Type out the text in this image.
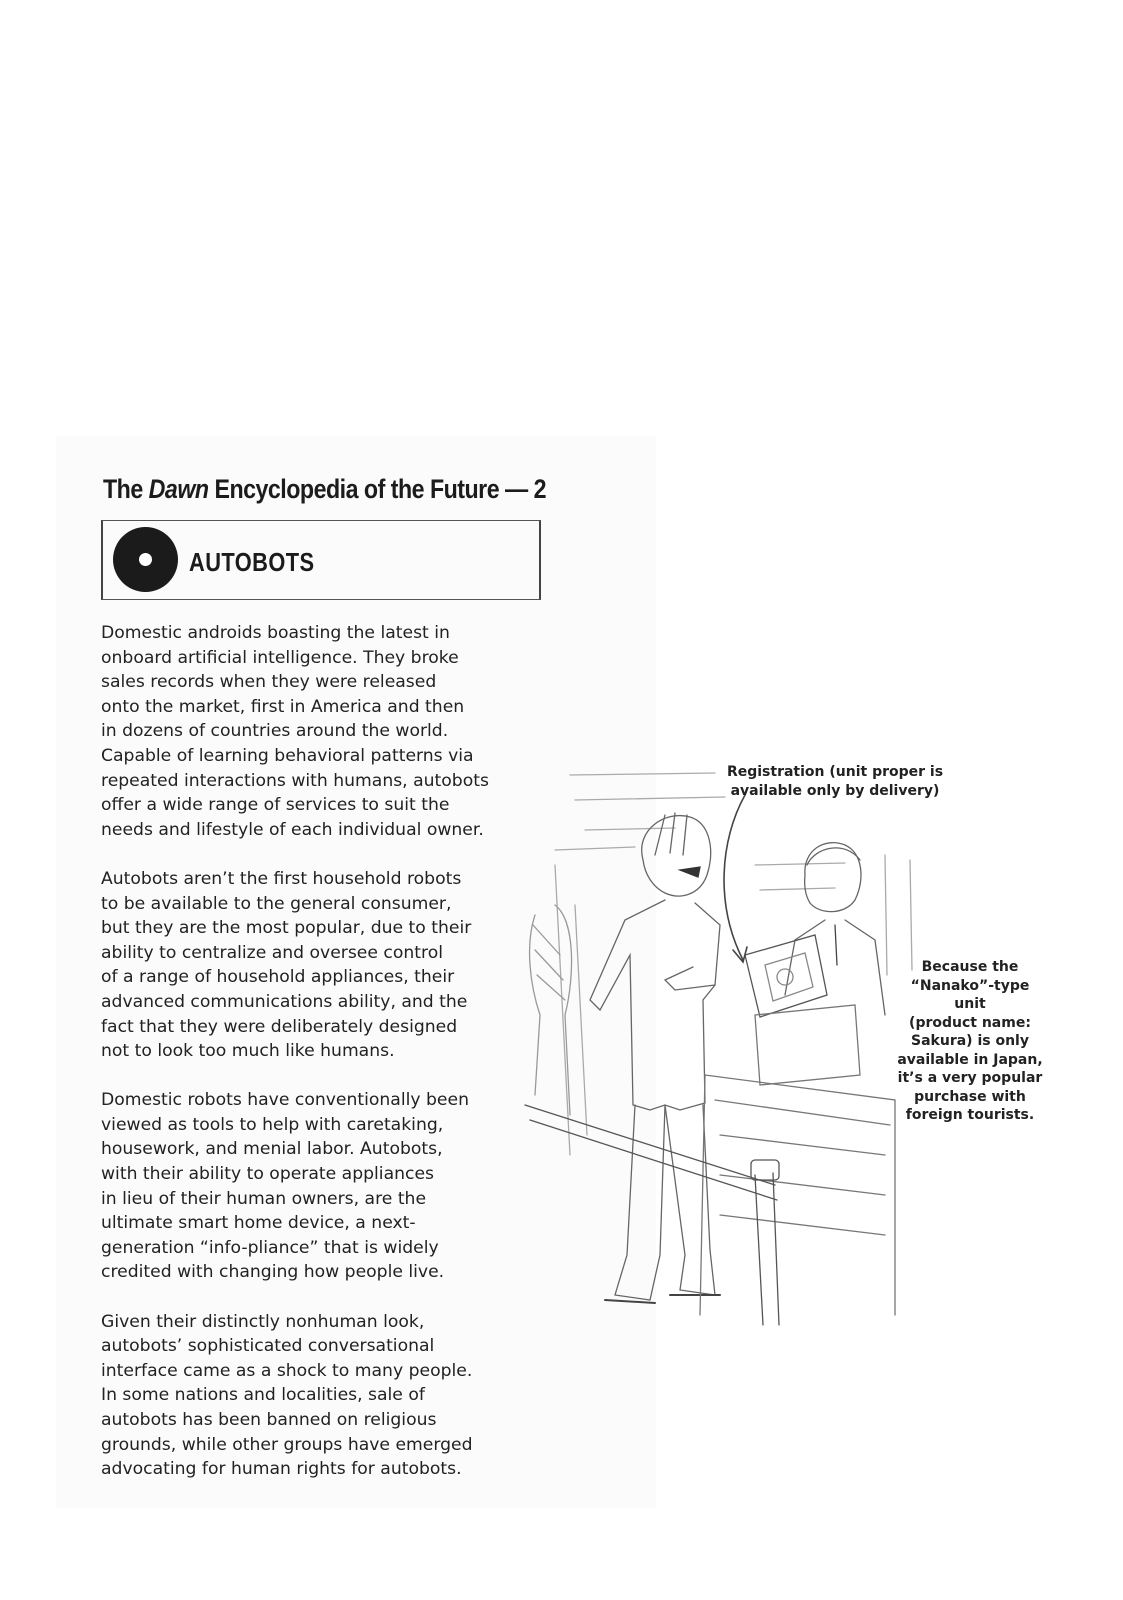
The Dawn Encyclopedia of the Future — 2
AUTOBOTS

Domestic androids boasting the latest in
onboard artificial intelligence. They broke
sales records when they were released
onto the market, first in America and then
in dozens of countries around the world.
Capable of learning behavioral patterns via
repeated interactions with humans, autobots
offer a wide range of services to suit the
needs and lifestyle of each individual owner.

Autobots aren’t the first household robots
to be available to the general consumer,
but they are the most popular, due to their
ability to centralize and oversee control
of a range of household appliances, their
advanced communications ability, and the
fact that they were deliberately designed
not to look too much like humans.

Domestic robots have conventionally been
viewed as tools to help with caretaking,
housework, and menial labor. Autobots,
with their ability to operate appliances
in lieu of their human owners, are the
ultimate smart home device, a next-
generation “info-pliance” that is widely
credited with changing how people live.

Given their distinctly nonhuman look,
autobots’ sophisticated conversational
interface came as a shock to many people.
In some nations and localities, sale of
autobots has been banned on religious
grounds, while other groups have emerged
advocating for human rights for autobots.

Registration (unit proper is
available only by delivery)
Because the
“Nanako”-type unit
(product name:
Sakura) is only
available in Japan,
it’s a very popular
purchase with
foreign tourists.
